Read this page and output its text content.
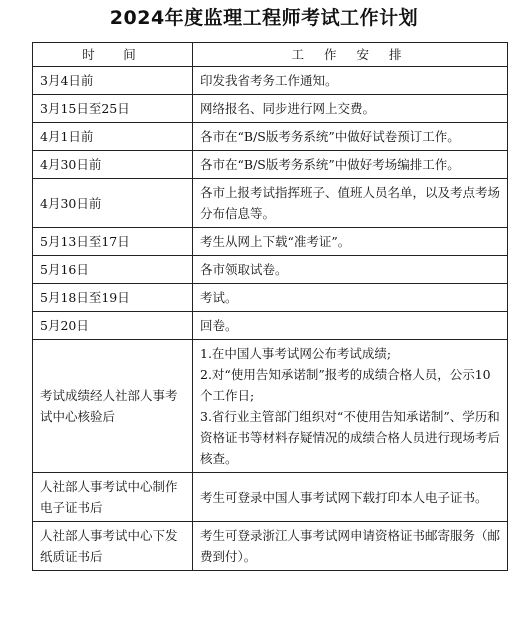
2024年度监理工程师考试工作计划
时　间	工 作 安 排
3月4日前	印发我省考务工作通知。

3月15日至25日	网络报名、同步进行网上交费。

4月1日前	各市在“B/S版考务系统”中做好试卷预订工作。

4月30日前	各市在“B/S版考务系统”中做好考场编排工作。

4月30日前	各市上报考试指挥班子、值班人员名单，以及考点考场分布信息等。

5月13日至17日	考生从网上下载“准考证”。

5月16日	各市领取试卷。

5月18日至19日	考试。

5月20日	回卷。

考试成绩经人社部人事考试中心核验后	1.在中国人事考试网公布考试成绩;
2.对“使用告知承诺制”报考的成绩合格人员，公示10个工作日;
3.省行业主管部门组织对“不使用告知承诺制”、学历和资格证书等材料存疑情况的成绩合格人员进行现场考后核查。

人社部人事考试中心制作电子证书后	考生可登录中国人事考试网下载打印本人电子证书。

人社部人事考试中心下发纸质证书后	考生可登录浙江人事考试网申请资格证书邮寄服务（邮费到付）。
